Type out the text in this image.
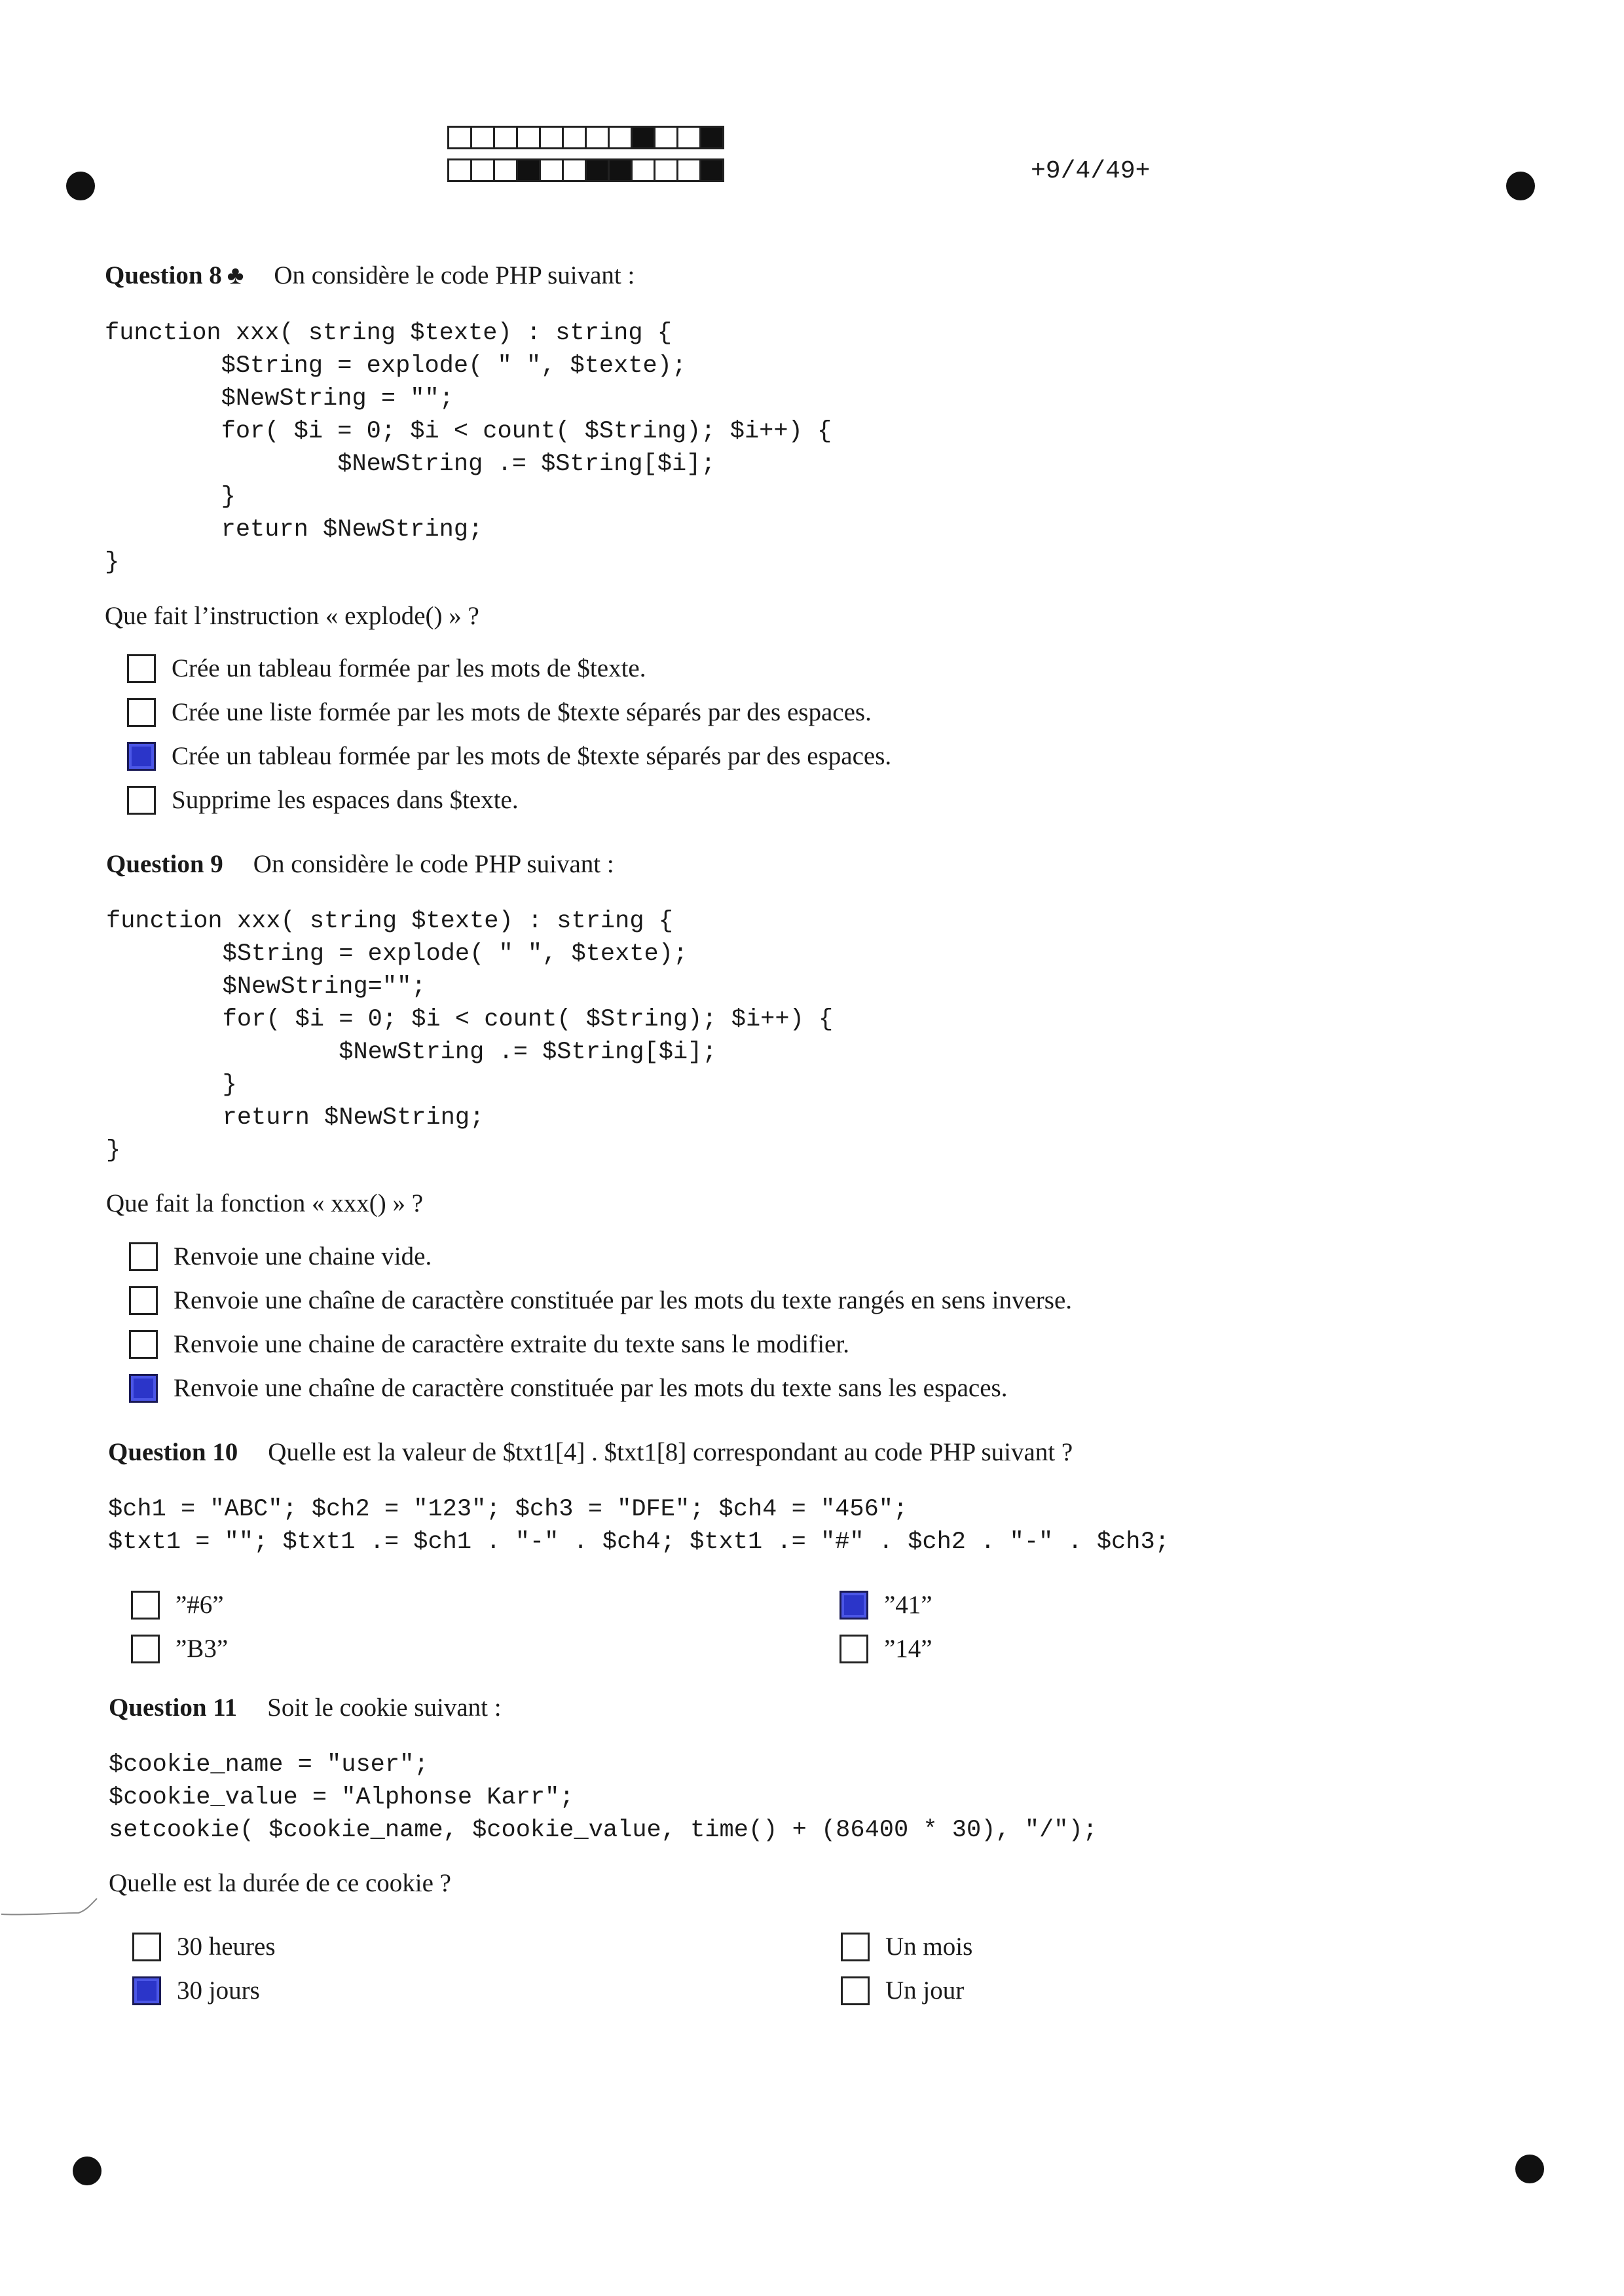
+9/4/49+
Question 8 ♣ On considère le code PHP suivant :
function xxx( string $texte) : string {
$String = explode( " ", $texte);
$NewString = "";
for( $i = 0; $i < count( $String); $i++) {
$NewString .= $String[$i];
}
return $NewString;
}
Que fait l’instruction « explode() » ?
Crée un tableau formée par les mots de $texte.
Crée une liste formée par les mots de $texte séparés par des espaces.
Crée un tableau formée par les mots de $texte séparés par des espaces.
Supprime les espaces dans $texte.
Question 9 On considère le code PHP suivant :
function xxx( string $texte) : string {
$String = explode( " ", $texte);
$NewString="";
for( $i = 0; $i < count( $String); $i++) {
$NewString .= $String[$i];
}
return $NewString;
}
Que fait la fonction « xxx() » ?
Renvoie une chaine vide.
Renvoie une chaîne de caractère constituée par les mots du texte rangés en sens inverse.
Renvoie une chaine de caractère extraite du texte sans le modifier.
Renvoie une chaîne de caractère constituée par les mots du texte sans les espaces.
Question 10 Quelle est la valeur de $txt1[4] . $txt1[8] correspondant au code PHP suivant ?
$ch1 = "ABC"; $ch2 = "123"; $ch3 = "DFE"; $ch4 = "456";
$txt1 = ""; $txt1 .= $ch1 . "-" . $ch4; $txt1 .= "#" . $ch2 . "-" . $ch3;
”#6”
”B3”
”41”
”14”
Question 11 Soit le cookie suivant :
$cookie_name = "user";
$cookie_value = "Alphonse Karr";
setcookie( $cookie_name, $cookie_value, time() + (86400 * 30), "/");
Quelle est la durée de ce cookie ?
30 heures
30 jours
Un mois
Un jour
